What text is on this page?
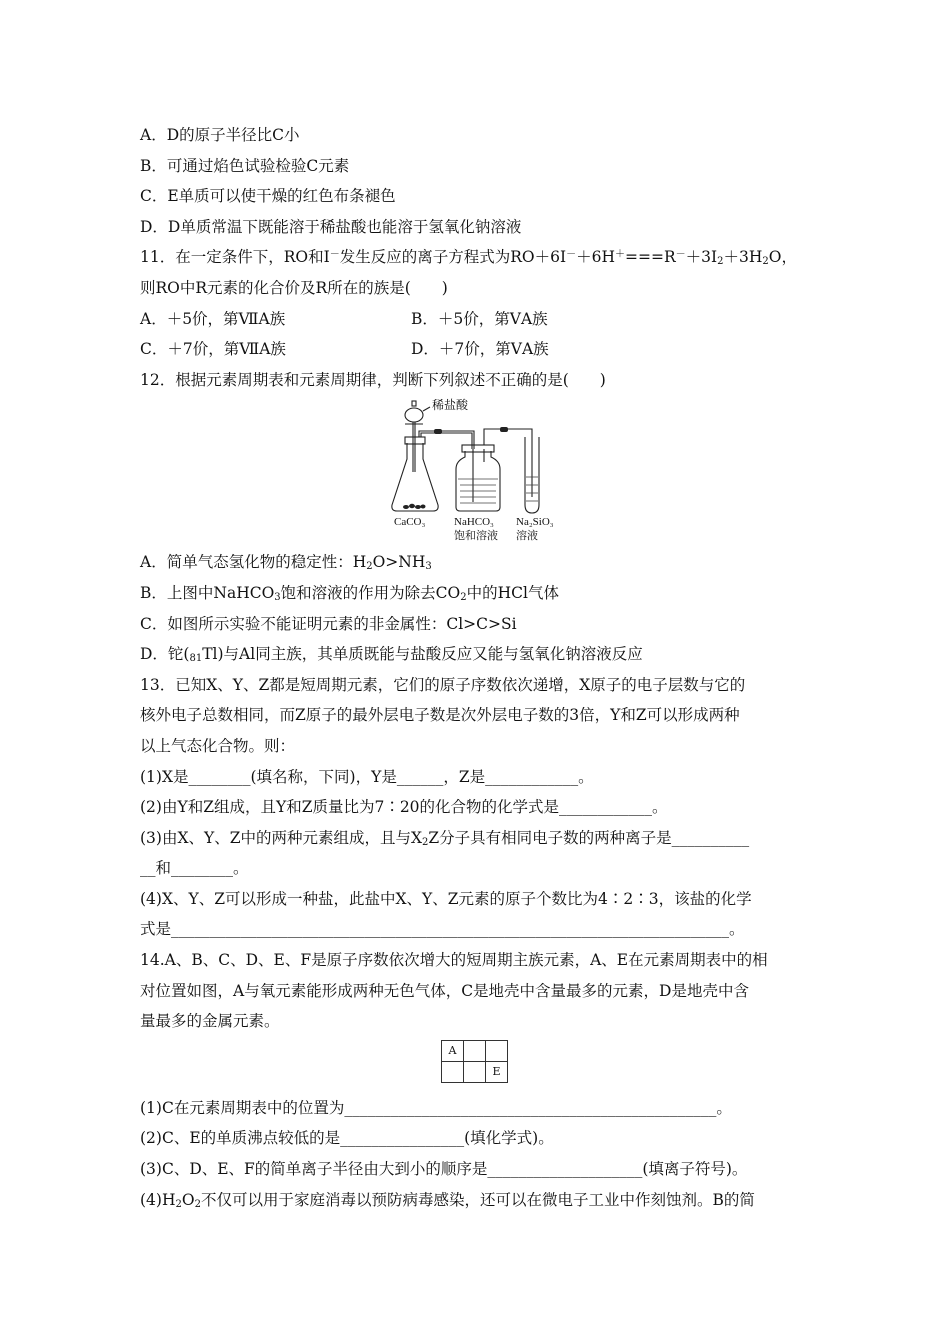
A．D的原子半径比C小
B．可通过焰色试验检验C元素
C．E单质可以使干燥的红色布条褪色
D．D单质常温下既能溶于稀盐酸也能溶于氢氧化钠溶液
11．在一定条件下，RO和I－发生反应的离子方程式为$RO+6I^-+6H^+===R^-+3I_2+3H_2O$，
则RO中R元素的化合价及R所在的族是(　　)
A．＋5价，第ⅦA族	B．＋5价，第ⅤA族
C．＋7价，第ⅦA族	D．＋7价，第ⅤA族
12．根据元素周期表和元素周期律，判断下列叙述不正确的是(　　)
稀盐酸
CaCO₃	NaHCO₃
饱和溶液
Na₂SiO₃
溶液
A．简单气态氢化物的稳定性：$H_2O>NH_3$
B．上图中NaHCO$_3$饱和溶液的作用为除去$CO_2$中的HCl气体
C．如图所示实验不能证明元素的非金属性：Cl>C>Si
D．铊$(_{81}Tl)$与Al同主族，其单质既能与盐酸反应又能与氢氧化钠溶液反应
13．已知X、Y、Z都是短周期元素，它们的原子序数依次递增，X原子的电子层数与它的
核外电子总数相同，而Z原子的最外层电子数是次外层电子数的3倍，Y和Z可以形成两种
以上气态化合物。则：
(1)X是________(填名称，下同)，Y是______，Z是____________。
(2)由Y和Z组成，且Y和Z质量比为7∶20的化合物的化学式是____________。
(3)由X、Y、Z中的两种元素组成，且与$X_2Z$分子具有相同电子数的两种离子是__________
__和________。
(4)X、Y、Z可以形成一种盐，此盐中X、Y、Z元素的原子个数比为4∶2∶3，该盐的化学
式是________________________________________________________________________。
14.A、B、C、D、E、F是原子序数依次增大的短周期主族元素，A、E在元素周期表中的相
对位置如图，A与氧元素能形成两种无色气体，C是地壳中含量最多的元素，D是地壳中含
量最多的金属元素。
A		
		E
(1)C在元素周期表中的位置为________________________________________________。
(2)C、E的单质沸点较低的是________________(填化学式)。
(3)C、D、E、F的简单离子半径由大到小的顺序是____________________(填离子符号)。
$(4)H_2O_2$不仅可以用于家庭消毒以预防病毒感染，还可以在微电子工业中作刻蚀剂。B的简
